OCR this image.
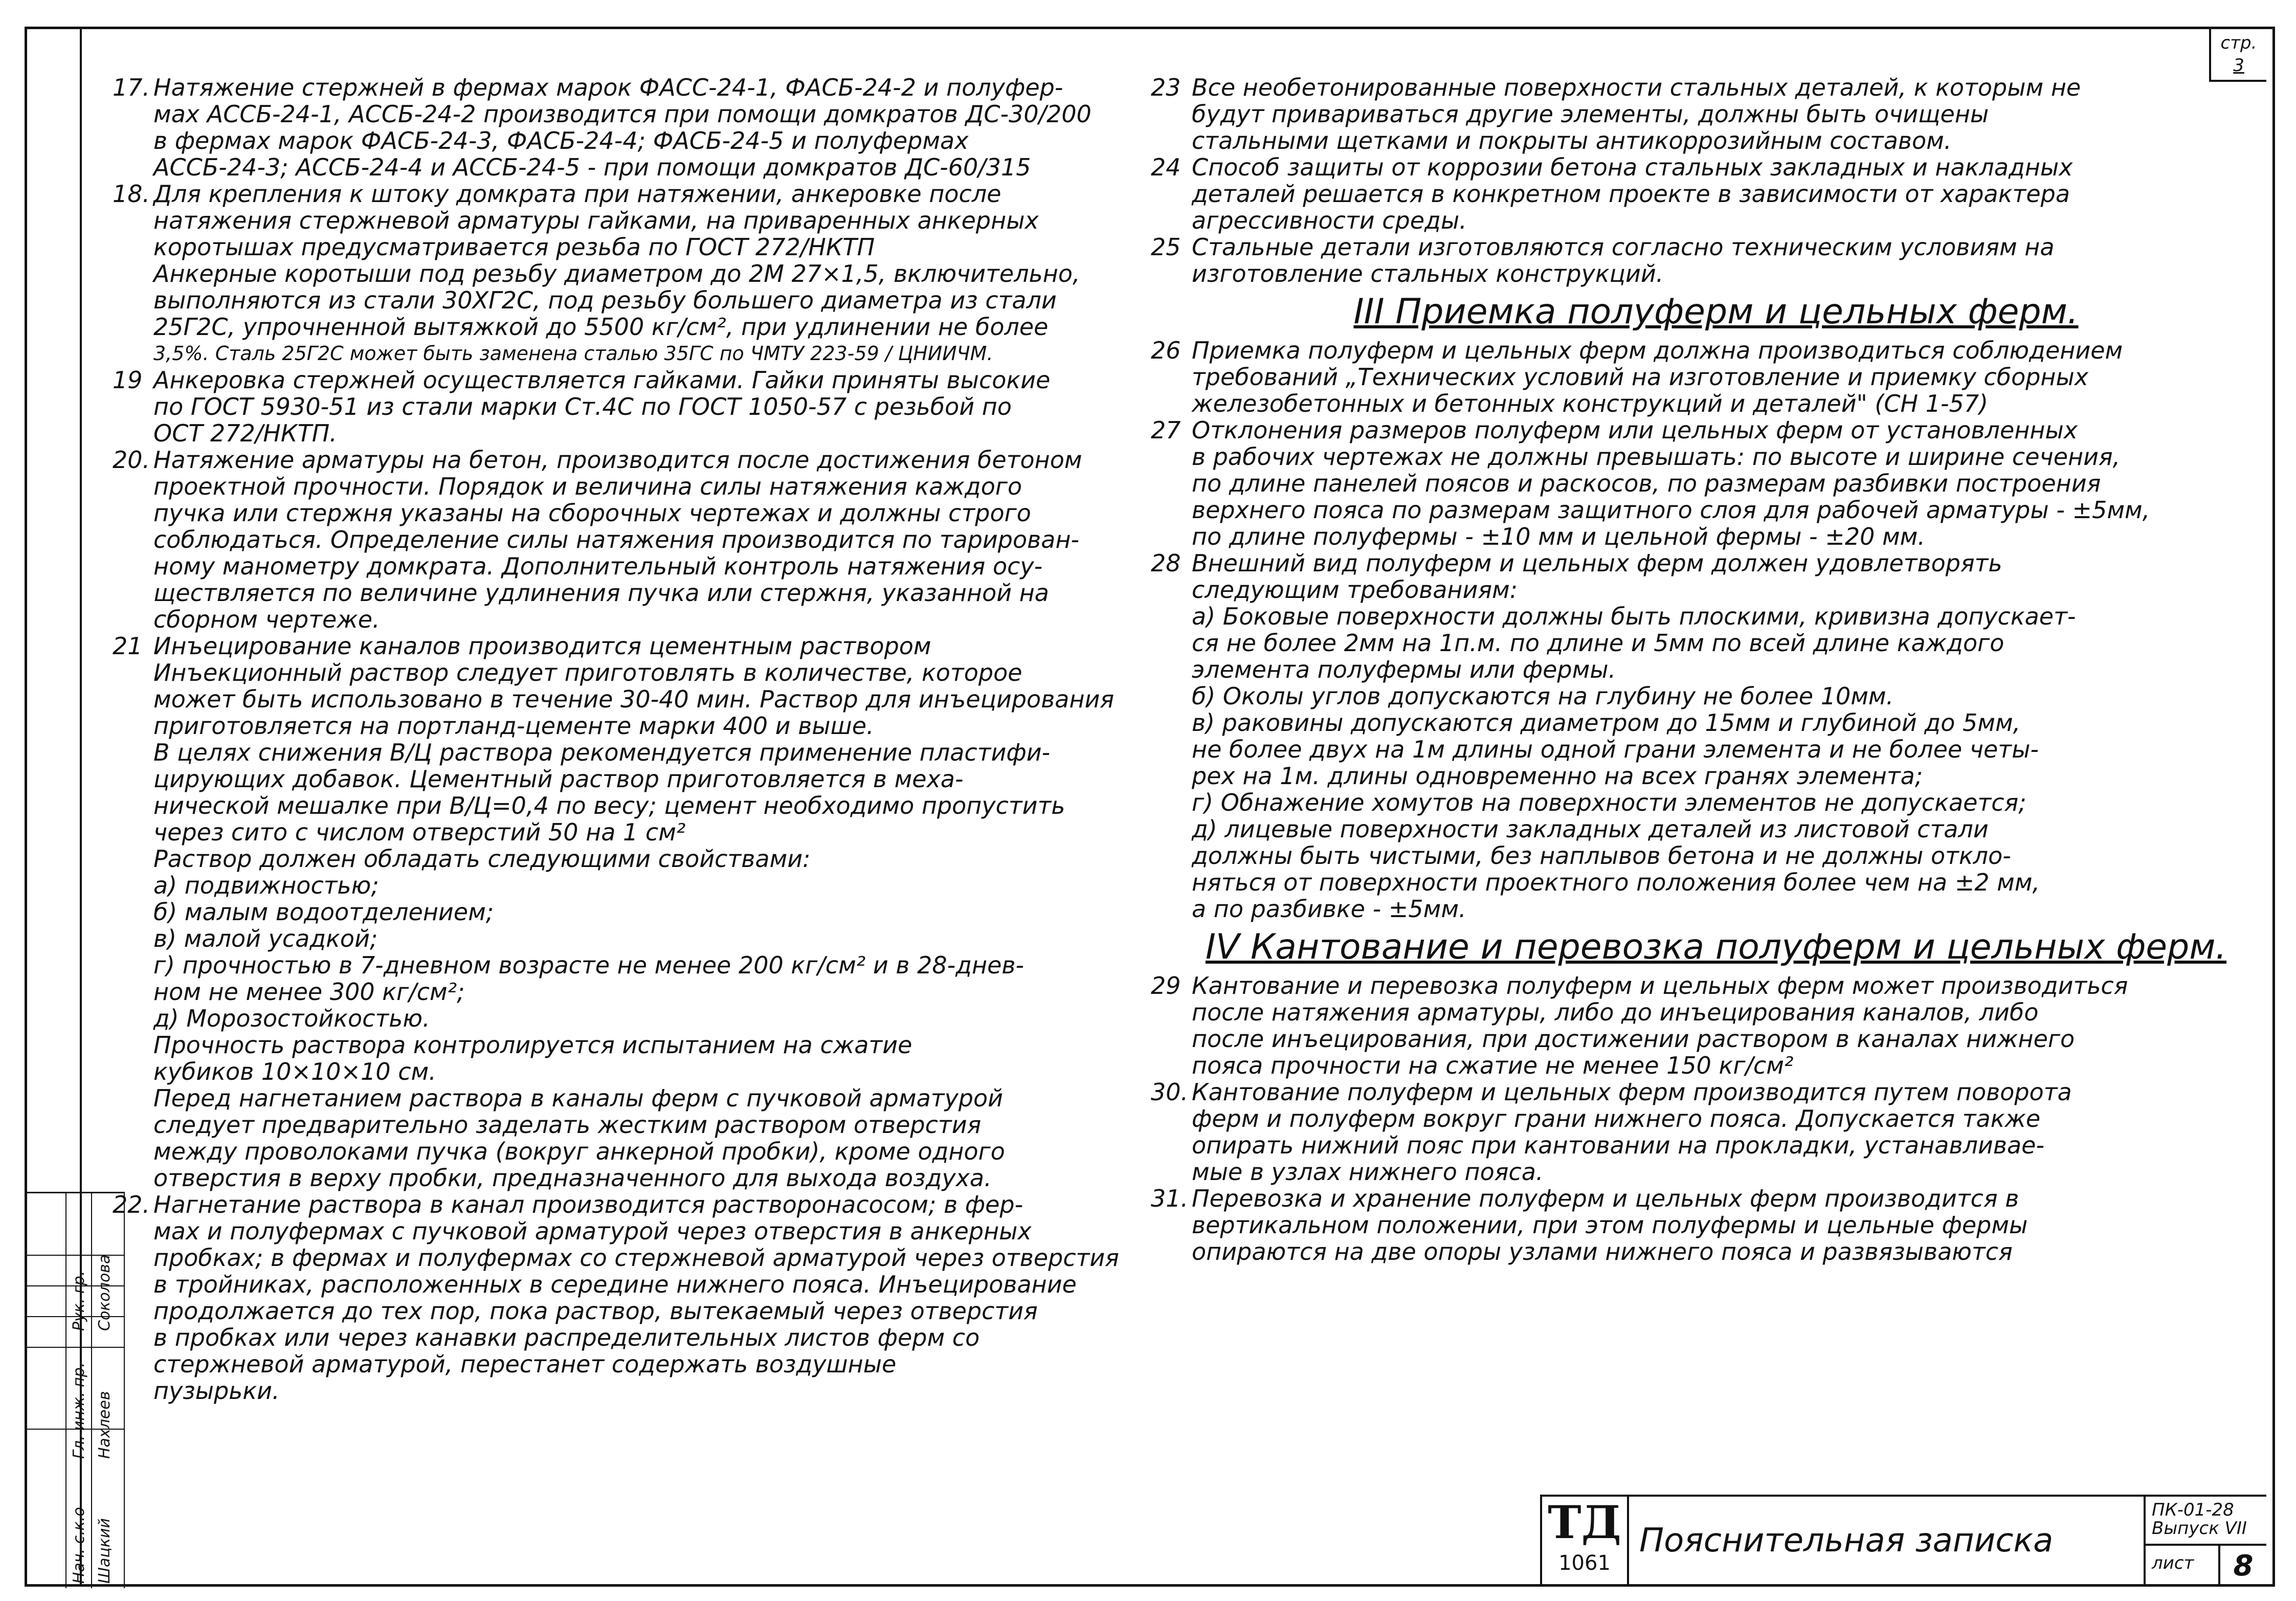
стр.
3
Нач. с.к.о Шацкий
Гл. инж. пр. Нахлеев
Рук. гр. Соколова
17. Натяжение стержней в фермах марок ФАСС-24-1, ФАСБ-24-2 и полуфер-
мах АССБ-24-1, АССБ-24-2 производится при помощи домкратов ДС-30/200
в фермах марок ФАСБ-24-3, ФАСБ-24-4; ФАСБ-24-5 и полуфермах
АССБ-24-3; АССБ-24-4 и АССБ-24-5 - при помощи домкратов ДС-60/315
18. Для крепления к штоку домкрата при натяжении, анкеровке после
натяжения стержневой арматуры гайками, на приваренных анкерных
коротышах предусматривается резьба по ГОСТ 272/НКТП
Анкерные коротыши под резьбу диаметром до 2М 27×1,5, включительно,
выполняются из стали 30ХГ2С, под резьбу большего диаметра из стали
25Г2С, упрочненной вытяжкой до 5500 кг/см², при удлинении не более
3,5%. Сталь 25Г2С может быть заменена сталью 35ГС по ЧМТУ 223-59 / ЦНИИЧМ.
19 Анкеровка стержней осуществляется гайками. Гайки приняты высокие
по ГОСТ 5930-51 из стали марки Ст.4С по ГОСТ 1050-57 с резьбой по
ОСТ 272/НКТП.
20. Натяжение арматуры на бетон, производится после достижения бетоном
проектной прочности. Порядок и величина силы натяжения каждого
пучка или стержня указаны на сборочных чертежах и должны строго
соблюдаться. Определение силы натяжения производится по тарирован-
ному манометру домкрата. Дополнительный контроль натяжения осу-
ществляется по величине удлинения пучка или стержня, указанной на
сборном чертеже.
21 Инъецирование каналов производится цементным раствором
Инъекционный раствор следует приготовлять в количестве, которое
может быть использовано в течение 30-40 мин. Раствор для инъецирования
приготовляется на портланд-цементе марки 400 и выше.
В целях снижения В/Ц раствора рекомендуется применение пластифи-
цирующих добавок. Цементный раствор приготовляется в меха-
нической мешалке при В/Ц=0,4 по весу; цемент необходимо пропустить
через сито с числом отверстий 50 на 1 см²
Раствор должен обладать следующими свойствами:
а) подвижностью;
б) малым водоотделением;
в) малой усадкой;
г) прочностью в 7-дневном возрасте не менее 200 кг/см² и в 28-днев-
ном не менее 300 кг/см²;
д) Морозостойкостью.
Прочность раствора контролируется испытанием на сжатие
кубиков 10×10×10 см.
Перед нагнетанием раствора в каналы ферм с пучковой арматурой
следует предварительно заделать жестким раствором отверстия
между проволоками пучка (вокруг анкерной пробки), кроме одного
отверстия в верху пробки, предназначенного для выхода воздуха.
22. Нагнетание раствора в канал производится растворонасосом; в фер-
мах и полуфермах с пучковой арматурой через отверстия в анкерных
пробках; в фермах и полуфермах со стержневой арматурой через отверстия
в тройниках, расположенных в середине нижнего пояса. Инъецирование
продолжается до тех пор, пока раствор, вытекаемый через отверстия
в пробках или через канавки распределительных листов ферм со
стержневой арматурой, перестанет содержать воздушные
пузырьки.
23 Все необетонированные поверхности стальных деталей, к которым не
будут привариваться другие элементы, должны быть очищены
стальными щетками и покрыты антикоррозийным составом.
24 Способ защиты от коррозии бетона стальных закладных и накладных
деталей решается в конкретном проекте в зависимости от характера
агрессивности среды.
25 Стальные детали изготовляются согласно техническим условиям на
изготовление стальных конструкций.
III Приемка полуферм и цельных ферм.
26 Приемка полуферм и цельных ферм должна производиться соблюдением
требований „Технических условий на изготовление и приемку сборных
железобетонных и бетонных конструкций и деталей" (СН 1-57)
27 Отклонения размеров полуферм или цельных ферм от установленных
в рабочих чертежах не должны превышать: по высоте и ширине сечения,
по длине панелей поясов и раскосов, по размерам разбивки построения
верхнего пояса по размерам защитного слоя для рабочей арматуры - ±5мм,
по длине полуфермы - ±10 мм и цельной фермы - ±20 мм.
28 Внешний вид полуферм и цельных ферм должен удовлетворять
следующим требованиям:
а) Боковые поверхности должны быть плоскими, кривизна допускает-
ся не более 2мм на 1п.м. по длине и 5мм по всей длине каждого
элемента полуфермы или фермы.
б) Околы углов допускаются на глубину не более 10мм.
в) раковины допускаются диаметром до 15мм и глубиной до 5мм,
не более двух на 1м длины одной грани элемента и не более четы-
рех на 1м. длины одновременно на всех гранях элемента;
г) Обнажение хомутов на поверхности элементов не допускается;
д) лицевые поверхности закладных деталей из листовой стали
должны быть чистыми, без наплывов бетона и не должны откло-
няться от поверхности проектного положения более чем на ±2 мм,
а по разбивке - ±5мм.
IV Кантование и перевозка полуферм и цельных ферм.
29 Кантование и перевозка полуферм и цельных ферм может производиться
после натяжения арматуры, либо до инъецирования каналов, либо
после инъецирования, при достижении раствором в каналах нижнего
пояса прочности на сжатие не менее 150 кг/см²
30. Кантование полуферм и цельных ферм производится путем поворота
ферм и полуферм вокруг грани нижнего пояса. Допускается также
опирать нижний пояс при кантовании на прокладки, устанавливае-
мые в узлах нижнего пояса.
31. Перевозка и хранение полуферм и цельных ферм производится в
вертикальном положении, при этом полуфермы и цельные фермы
опираются на две опоры узлами нижнего пояса и развязываются
ТД
1061
Пояснительная записка
ПК-01-28
Выпуск VII
лист	8
